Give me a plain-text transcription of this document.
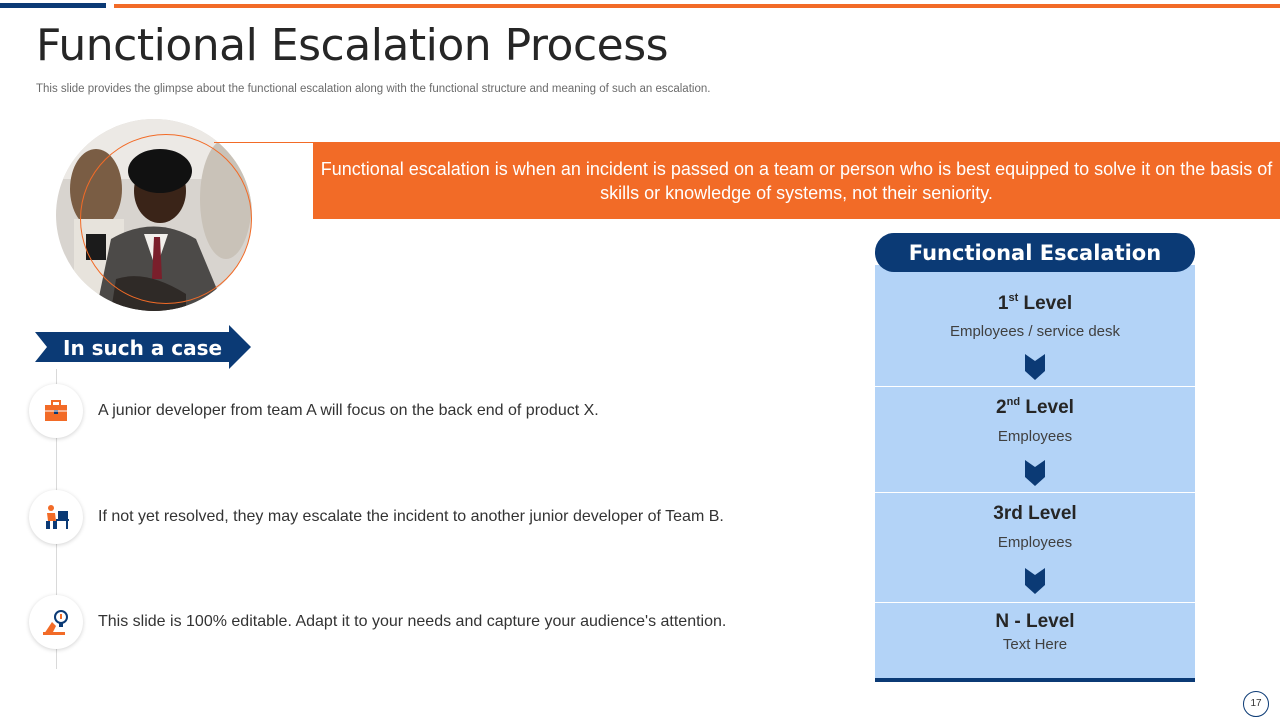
Functional Escalation Process

This slide provides the glimpse about the functional escalation along with the functional structure and meaning of such an escalation.

Functional escalation is when an incident is passed on a team or person who is best equipped to solve it on the basis of skills or knowledge of systems, not their seniority.
In such a case
A junior developer from team A will focus on the back end of product X.
If not yet resolved, they may escalate the incident to another junior developer of Team B.
This slide is 100% editable. Adapt it to your needs and capture your audience's attention.
Functional Escalation
1st Level
Employees / service desk
2nd Level
Employees
3rd Level
Employees
N - Level
Text Here
17
